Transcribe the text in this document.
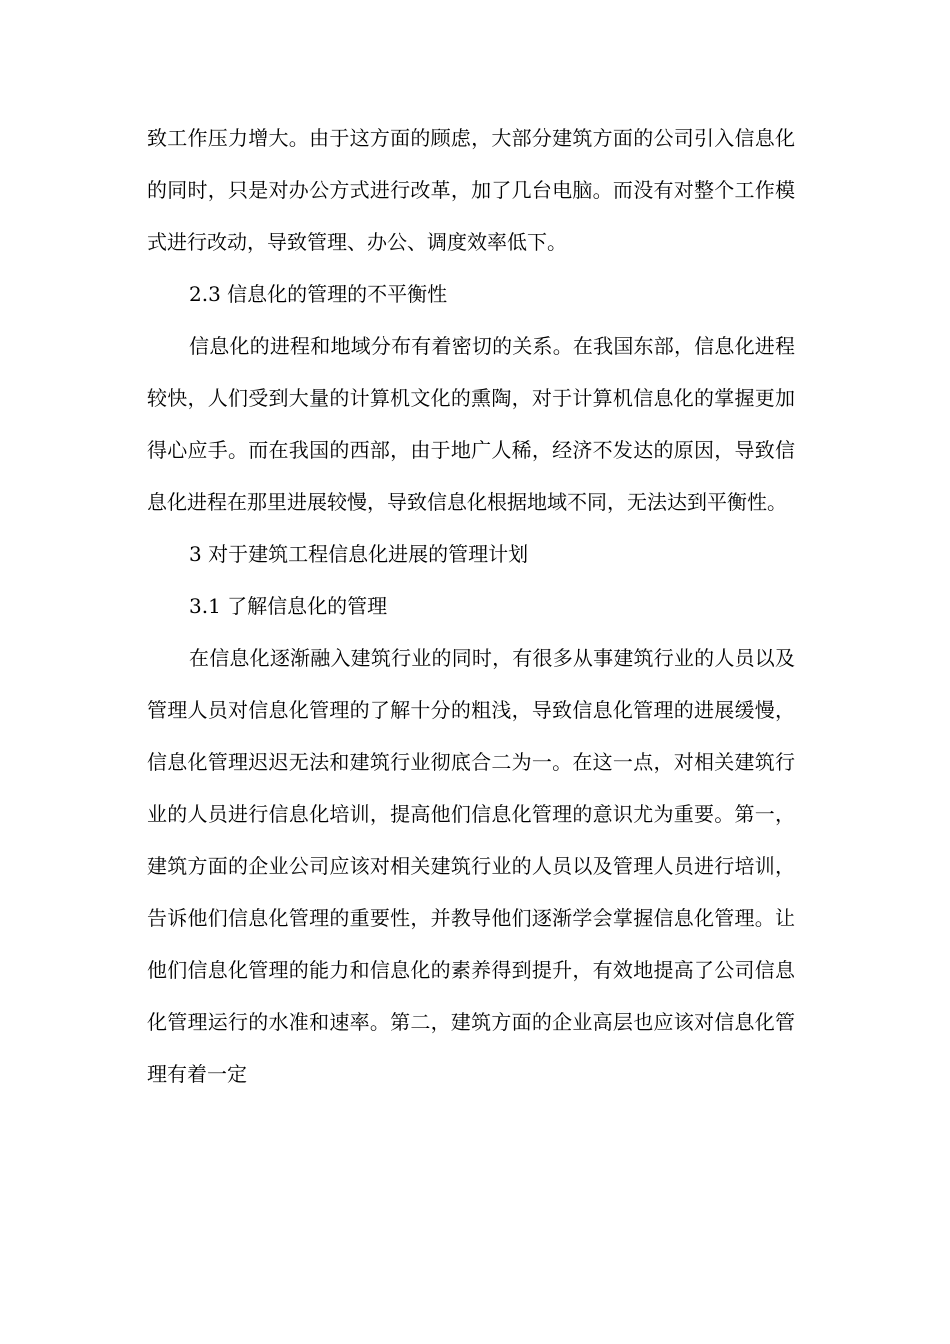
致工作压力增大。由于这方面的顾虑，大部分建筑方面的公司引入信息化的同时，只是对办公方式进行改革，加了几台电脑。而没有对整个工作模式进行改动，导致管理、办公、调度效率低下。

2.3 信息化的管理的不平衡性

信息化的进程和地域分布有着密切的关系。在我国东部，信息化进程较快，人们受到大量的计算机文化的熏陶，对于计算机信息化的掌握更加得心应手。而在我国的西部，由于地广人稀，经济不发达的原因，导致信息化进程在那里进展较慢，导致信息化根据地域不同，无法达到平衡性。

3 对于建筑工程信息化进展的管理计划

3.1 了解信息化的管理

在信息化逐渐融入建筑行业的同时，有很多从事建筑行业的人员以及管理人员对信息化管理的了解十分的粗浅，导致信息化管理的进展缓慢，信息化管理迟迟无法和建筑行业彻底合二为一。在这一点，对相关建筑行业的人员进行信息化培训，提高他们信息化管理的意识尤为重要。第一，建筑方面的企业公司应该对相关建筑行业的人员以及管理人员进行培训，告诉他们信息化管理的重要性，并教导他们逐渐学会掌握信息化管理。让他们信息化管理的能力和信息化的素养得到提升，有效地提高了公司信息化管理运行的水准和速率。第二，建筑方面的企业高层也应该对信息化管理有着一定
